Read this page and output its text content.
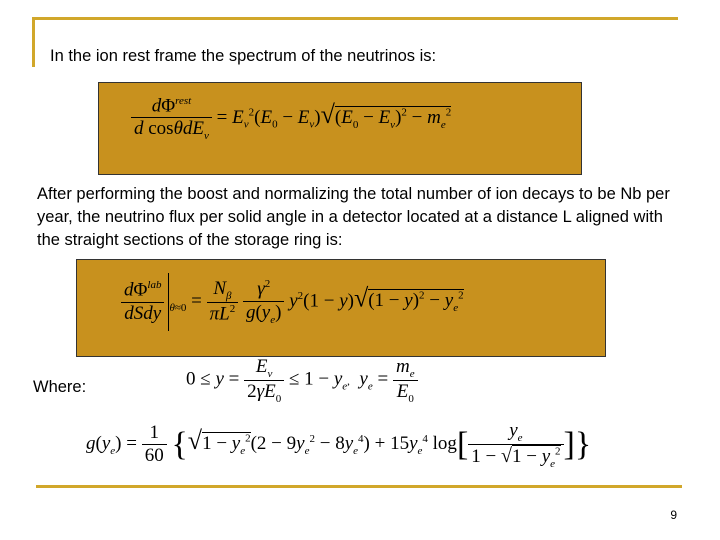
In the ion rest frame the spectrum of the neutrinos is:
$\frac{d\Phi^{rest}}{d \cos\theta dE_\nu} = E_\nu^2(E_0 - E_\nu)√(E_0 - E_\nu)^2 - m_e^2$
After performing the boost and normalizing the total number of ion decays to be Nb per year, the neutrino flux per solid angle in a detector located at a distance L aligned with the straight sections of the storage ring is:
$\frac{d\Phi^{lab}}{\text{dSdy}} _{\theta\approx 0} = \frac{N_\beta}{\pi L^2}$
$\frac{\gamma^2}{g(y_e)} y^2(1 - y)√(1 - y)^2 - y_e^2$
Where:	$0 \le y = \frac{E_\nu}{2\gamma E_0} \le 1 - y_e$, $y_e = \frac{m_e}{E_0}$
$g(y_e) = \frac{1}{60} \{√1 - y_e^2(2 - 9y_e^2 - 8y_e^4) + 15y_e^4$ $\log[ \frac{y_e}{1 - √1 - y_e^2}$ ]}
9
